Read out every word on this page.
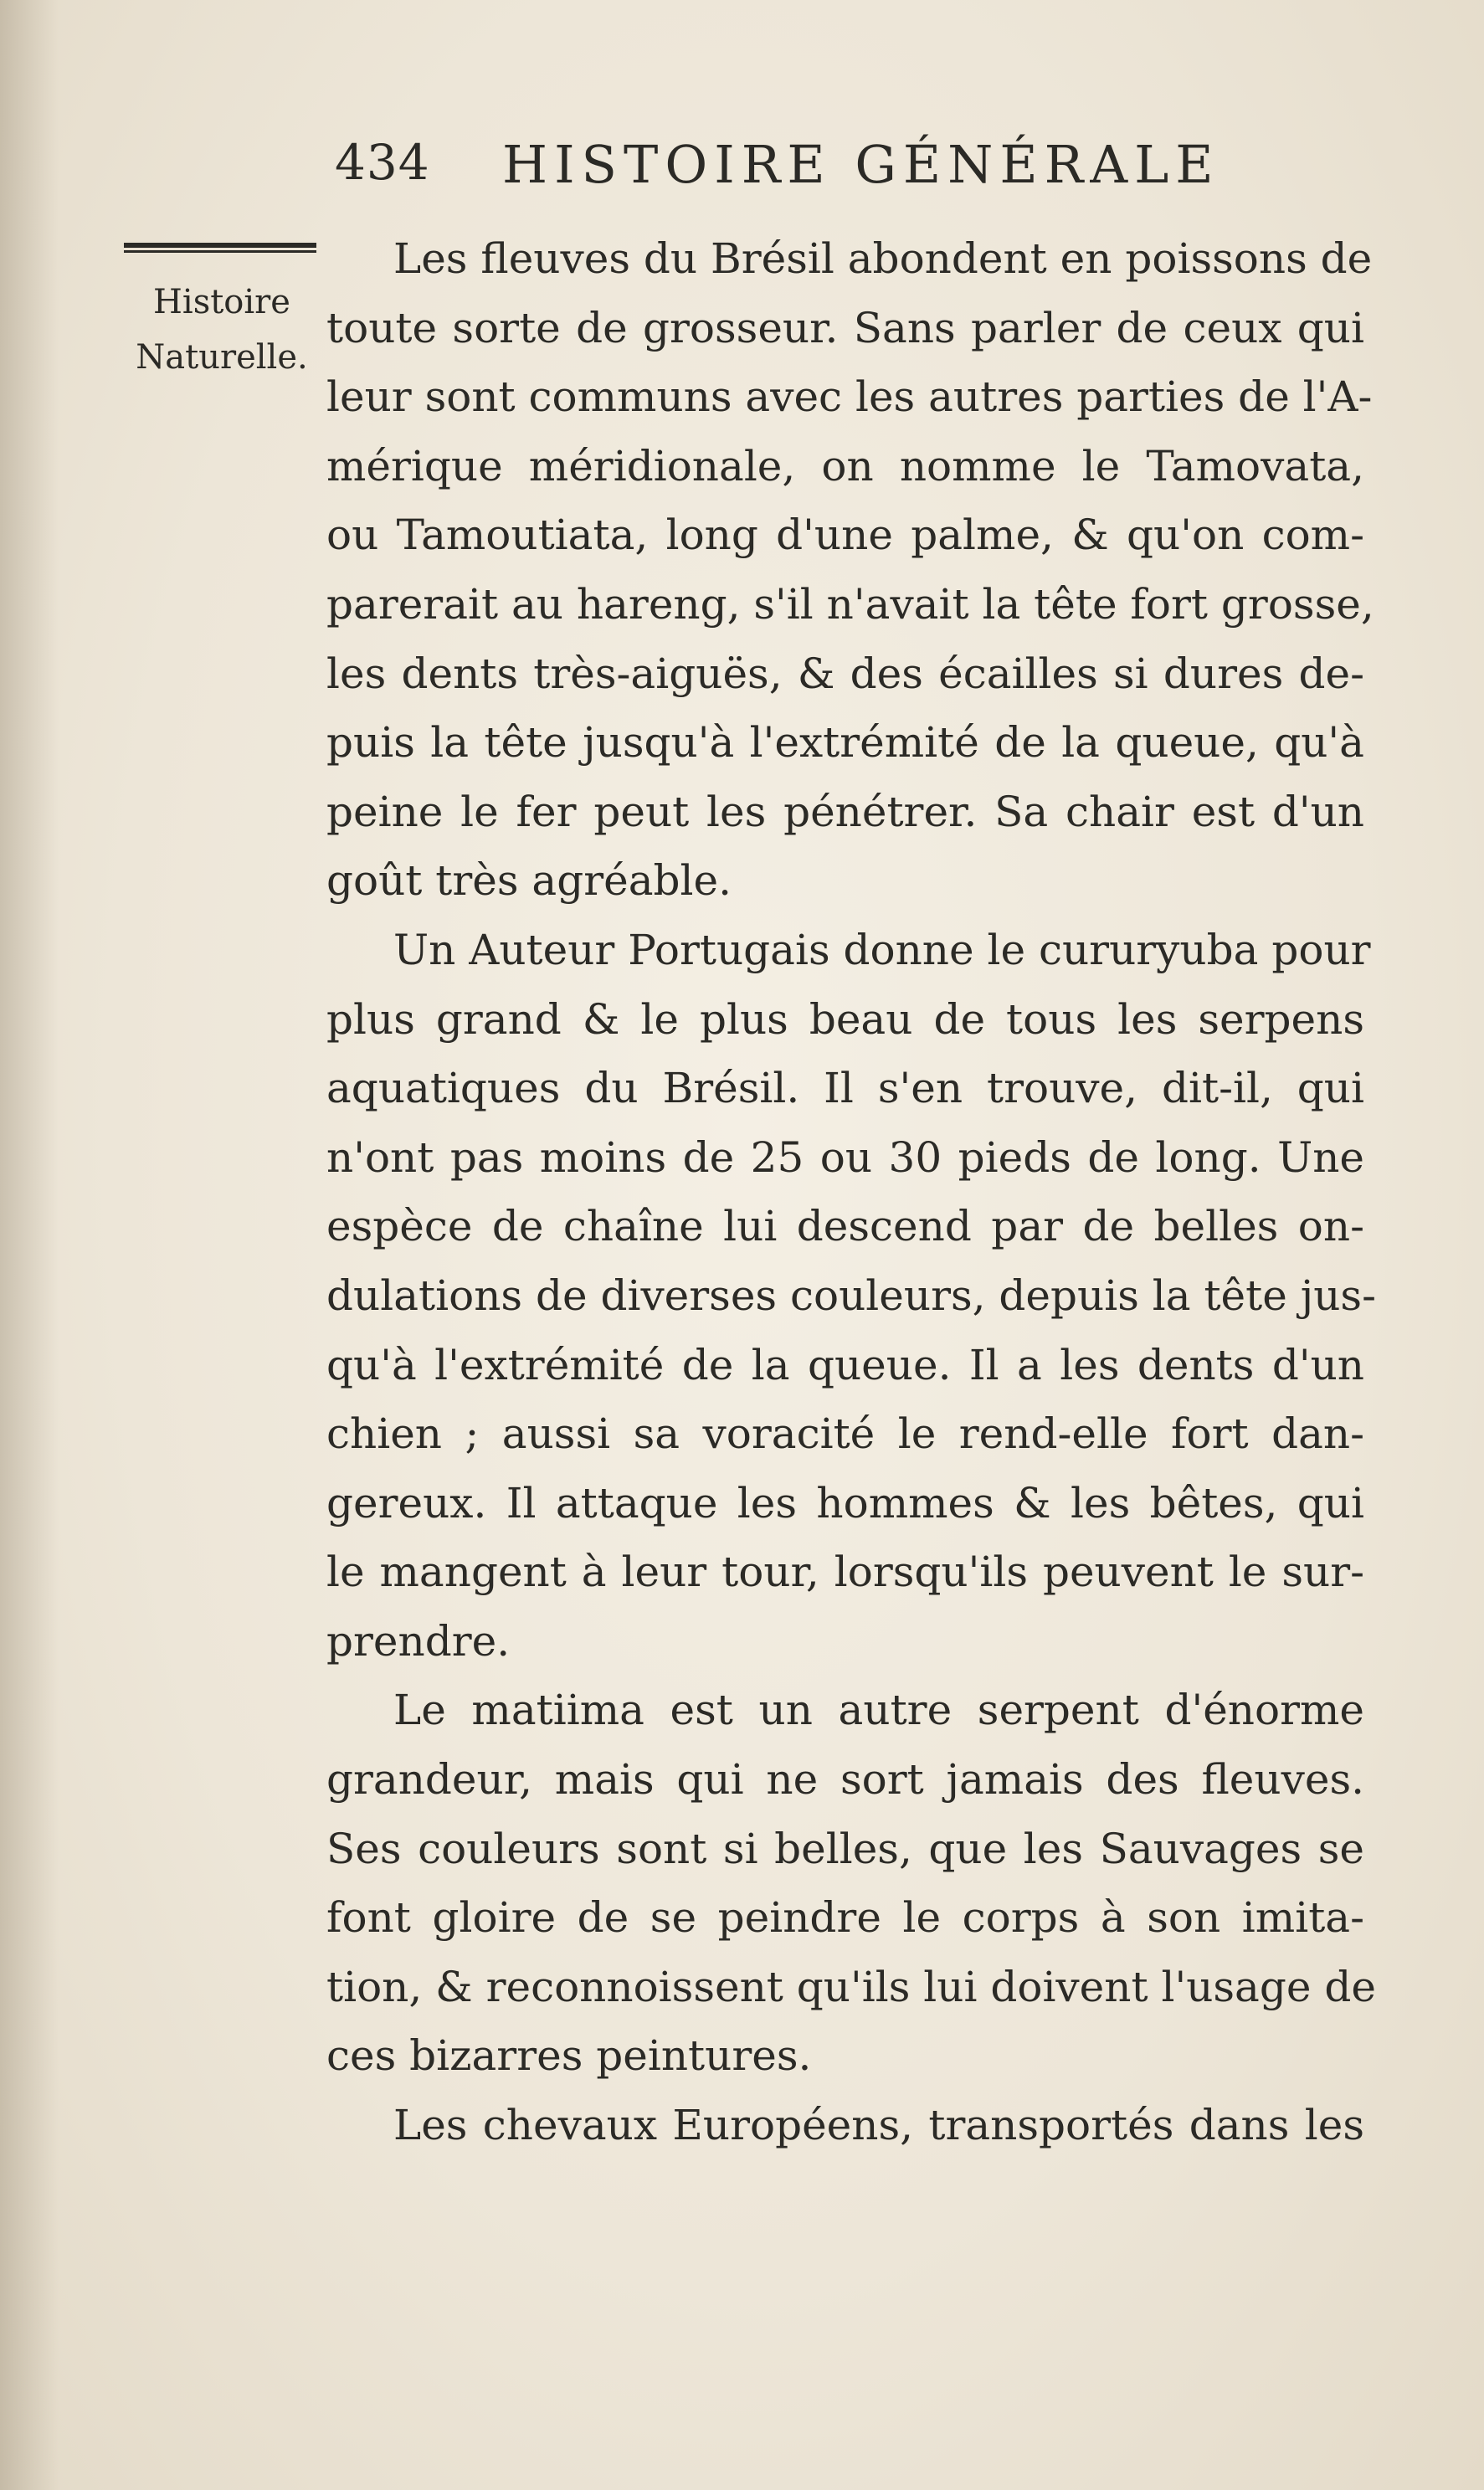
434 HISTOIRE GÉNÉRALE
Histoire
Naturelle.
Les fleuves du Brésil abondent en poissons de
toute sorte de grosseur. Sans parler de ceux qui
leur sont communs avec les autres parties de l'A-
mérique méridionale, on nomme le Tamovata,
ou Tamoutiata, long d'une palme, & qu'on com-
parerait au hareng, s'il n'avait la tête fort grosse,
les dents très-aiguës, & des écailles si dures de-
puis la tête jusqu'à l'extrémité de la queue, qu'à
peine le fer peut les pénétrer. Sa chair est d'un
goût très agréable.
Un Auteur Portugais donne le cururyuba pour
plus grand & le plus beau de tous les serpens
aquatiques du Brésil. Il s'en trouve, dit-il, qui
n'ont pas moins de 25 ou 30 pieds de long. Une
espèce de chaîne lui descend par de belles on-
dulations de diverses couleurs, depuis la tête jus-
qu'à l'extrémité de la queue. Il a les dents d'un
chien ; aussi sa voracité le rend-elle fort dan-
gereux. Il attaque les hommes & les bêtes, qui
le mangent à leur tour, lorsqu'ils peuvent le sur-
prendre.
Le matiima est un autre serpent d'énorme
grandeur, mais qui ne sort jamais des fleuves.
Ses couleurs sont si belles, que les Sauvages se
font gloire de se peindre le corps à son imita-
tion, & reconnoissent qu'ils lui doivent l'usage de
ces bizarres peintures.
Les chevaux Européens, transportés dans les
